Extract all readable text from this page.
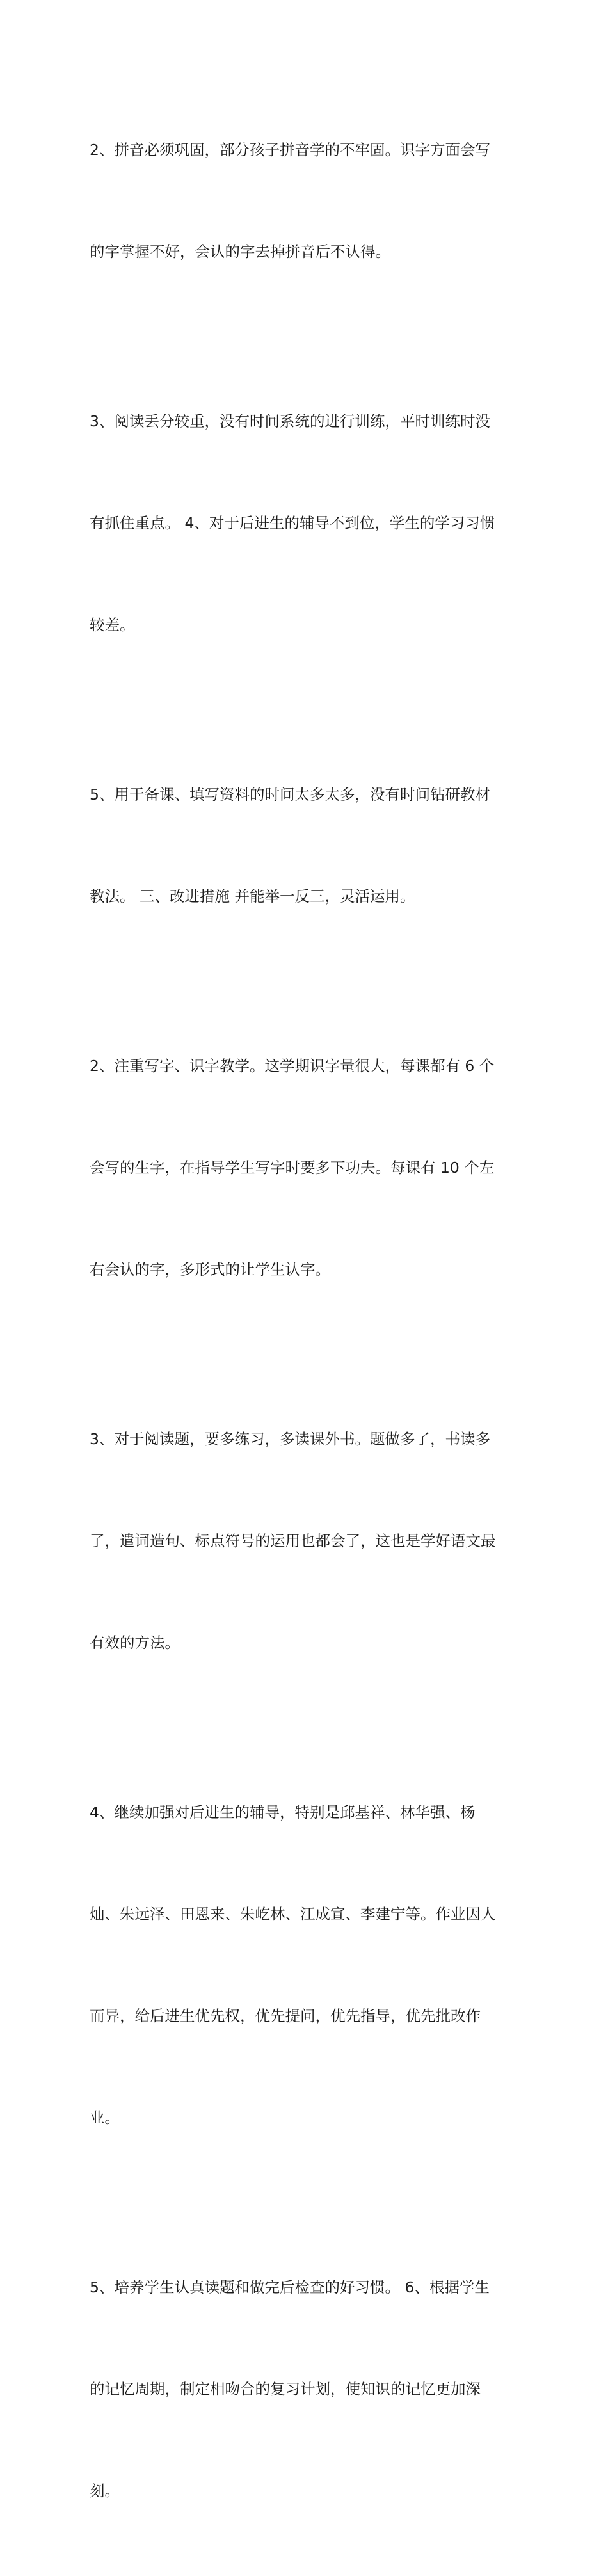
2、拼音必须巩固，部分孩子拼音学的不牢固。识字方面会写

的字掌握不好，会认的字去掉拼音后不认得。

3、阅读丢分较重，没有时间系统的进行训练，平时训练时没

有抓住重点。 4、对于后进生的辅导不到位，学生的学习习惯

较差。

5、用于备课、填写资料的时间太多太多，没有时间钻研教材

教法。 三、改进措施 并能举一反三，灵活运用。

2、注重写字、识字教学。这学期识字量很大，每课都有 6 个

会写的生字，在指导学生写字时要多下功夫。每课有 10 个左

右会认的字，多形式的让学生认字。

3、对于阅读题，要多练习，多读课外书。题做多了，书读多

了，遣词造句、标点符号的运用也都会了，这也是学好语文最

有效的方法。

4、继续加强对后进生的辅导，特别是邱基祥、林华强、杨

灿、朱远泽、田恩来、朱屹林、江成宣、李建宁等。作业因人

而异，给后进生优先权，优先提问，优先指导，优先批改作

业。

5、培养学生认真读题和做完后检查的好习惯。 6、根据学生

的记忆周期，制定相吻合的复习计划，使知识的记忆更加深

刻。
